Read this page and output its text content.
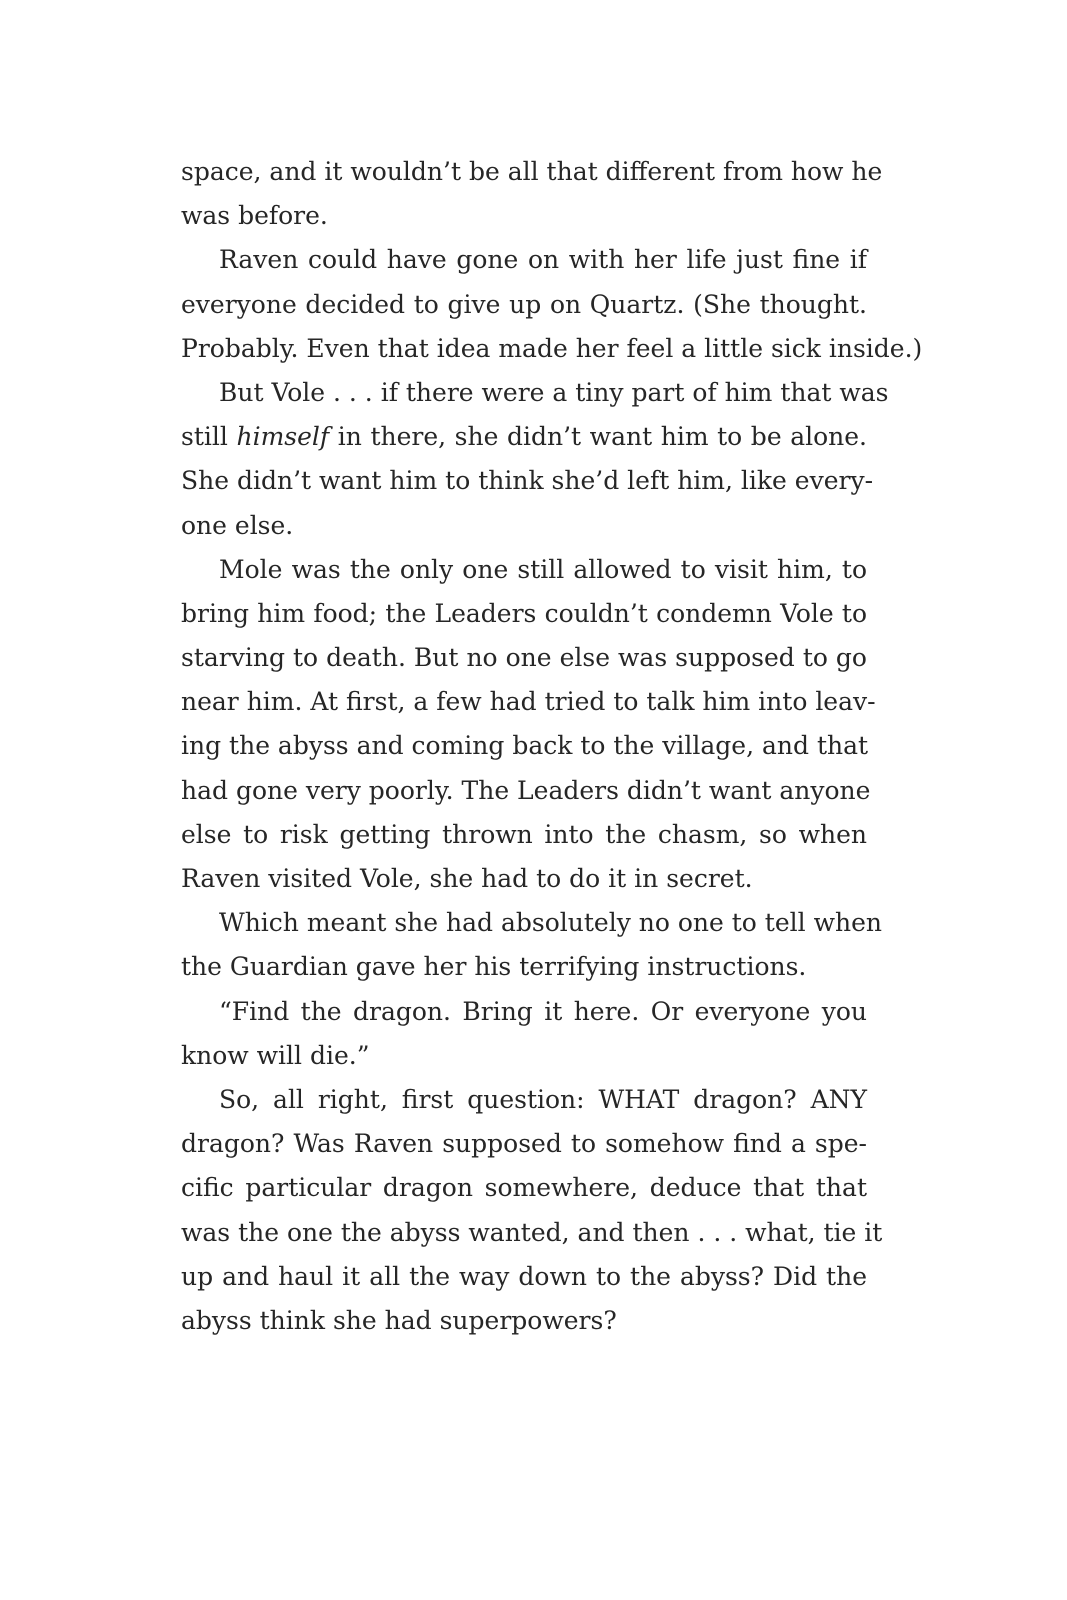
space, and it wouldn’t be all that different from how he
was before.
Raven could have gone on with her life just fine if
everyone decided to give up on Quartz. (She thought.
Probably. Even that idea made her feel a little sick inside.)
But Vole . . . if there were a tiny part of him that was
still himself in there, she didn’t want him to be alone.
She didn’t want him to think she’d left him, like every-
one else.
Mole was the only one still allowed to visit him, to
bring him food; the Leaders couldn’t condemn Vole to
starving to death. But no one else was supposed to go
near him. At first, a few had tried to talk him into leav-
ing the abyss and coming back to the village, and that
had gone very poorly. The Leaders didn’t want anyone
else to risk getting thrown into the chasm, so when
Raven visited Vole, she had to do it in secret.
Which meant she had absolutely no one to tell when
the Guardian gave her his terrifying instructions.
“Find the dragon. Bring it here. Or everyone you
know will die.”
So, all right, first question: WHAT dragon? ANY
dragon? Was Raven supposed to somehow find a spe-
cific particular dragon somewhere, deduce that that
was the one the abyss wanted, and then . . . what, tie it
up and haul it all the way down to the abyss? Did the
abyss think she had superpowers?
